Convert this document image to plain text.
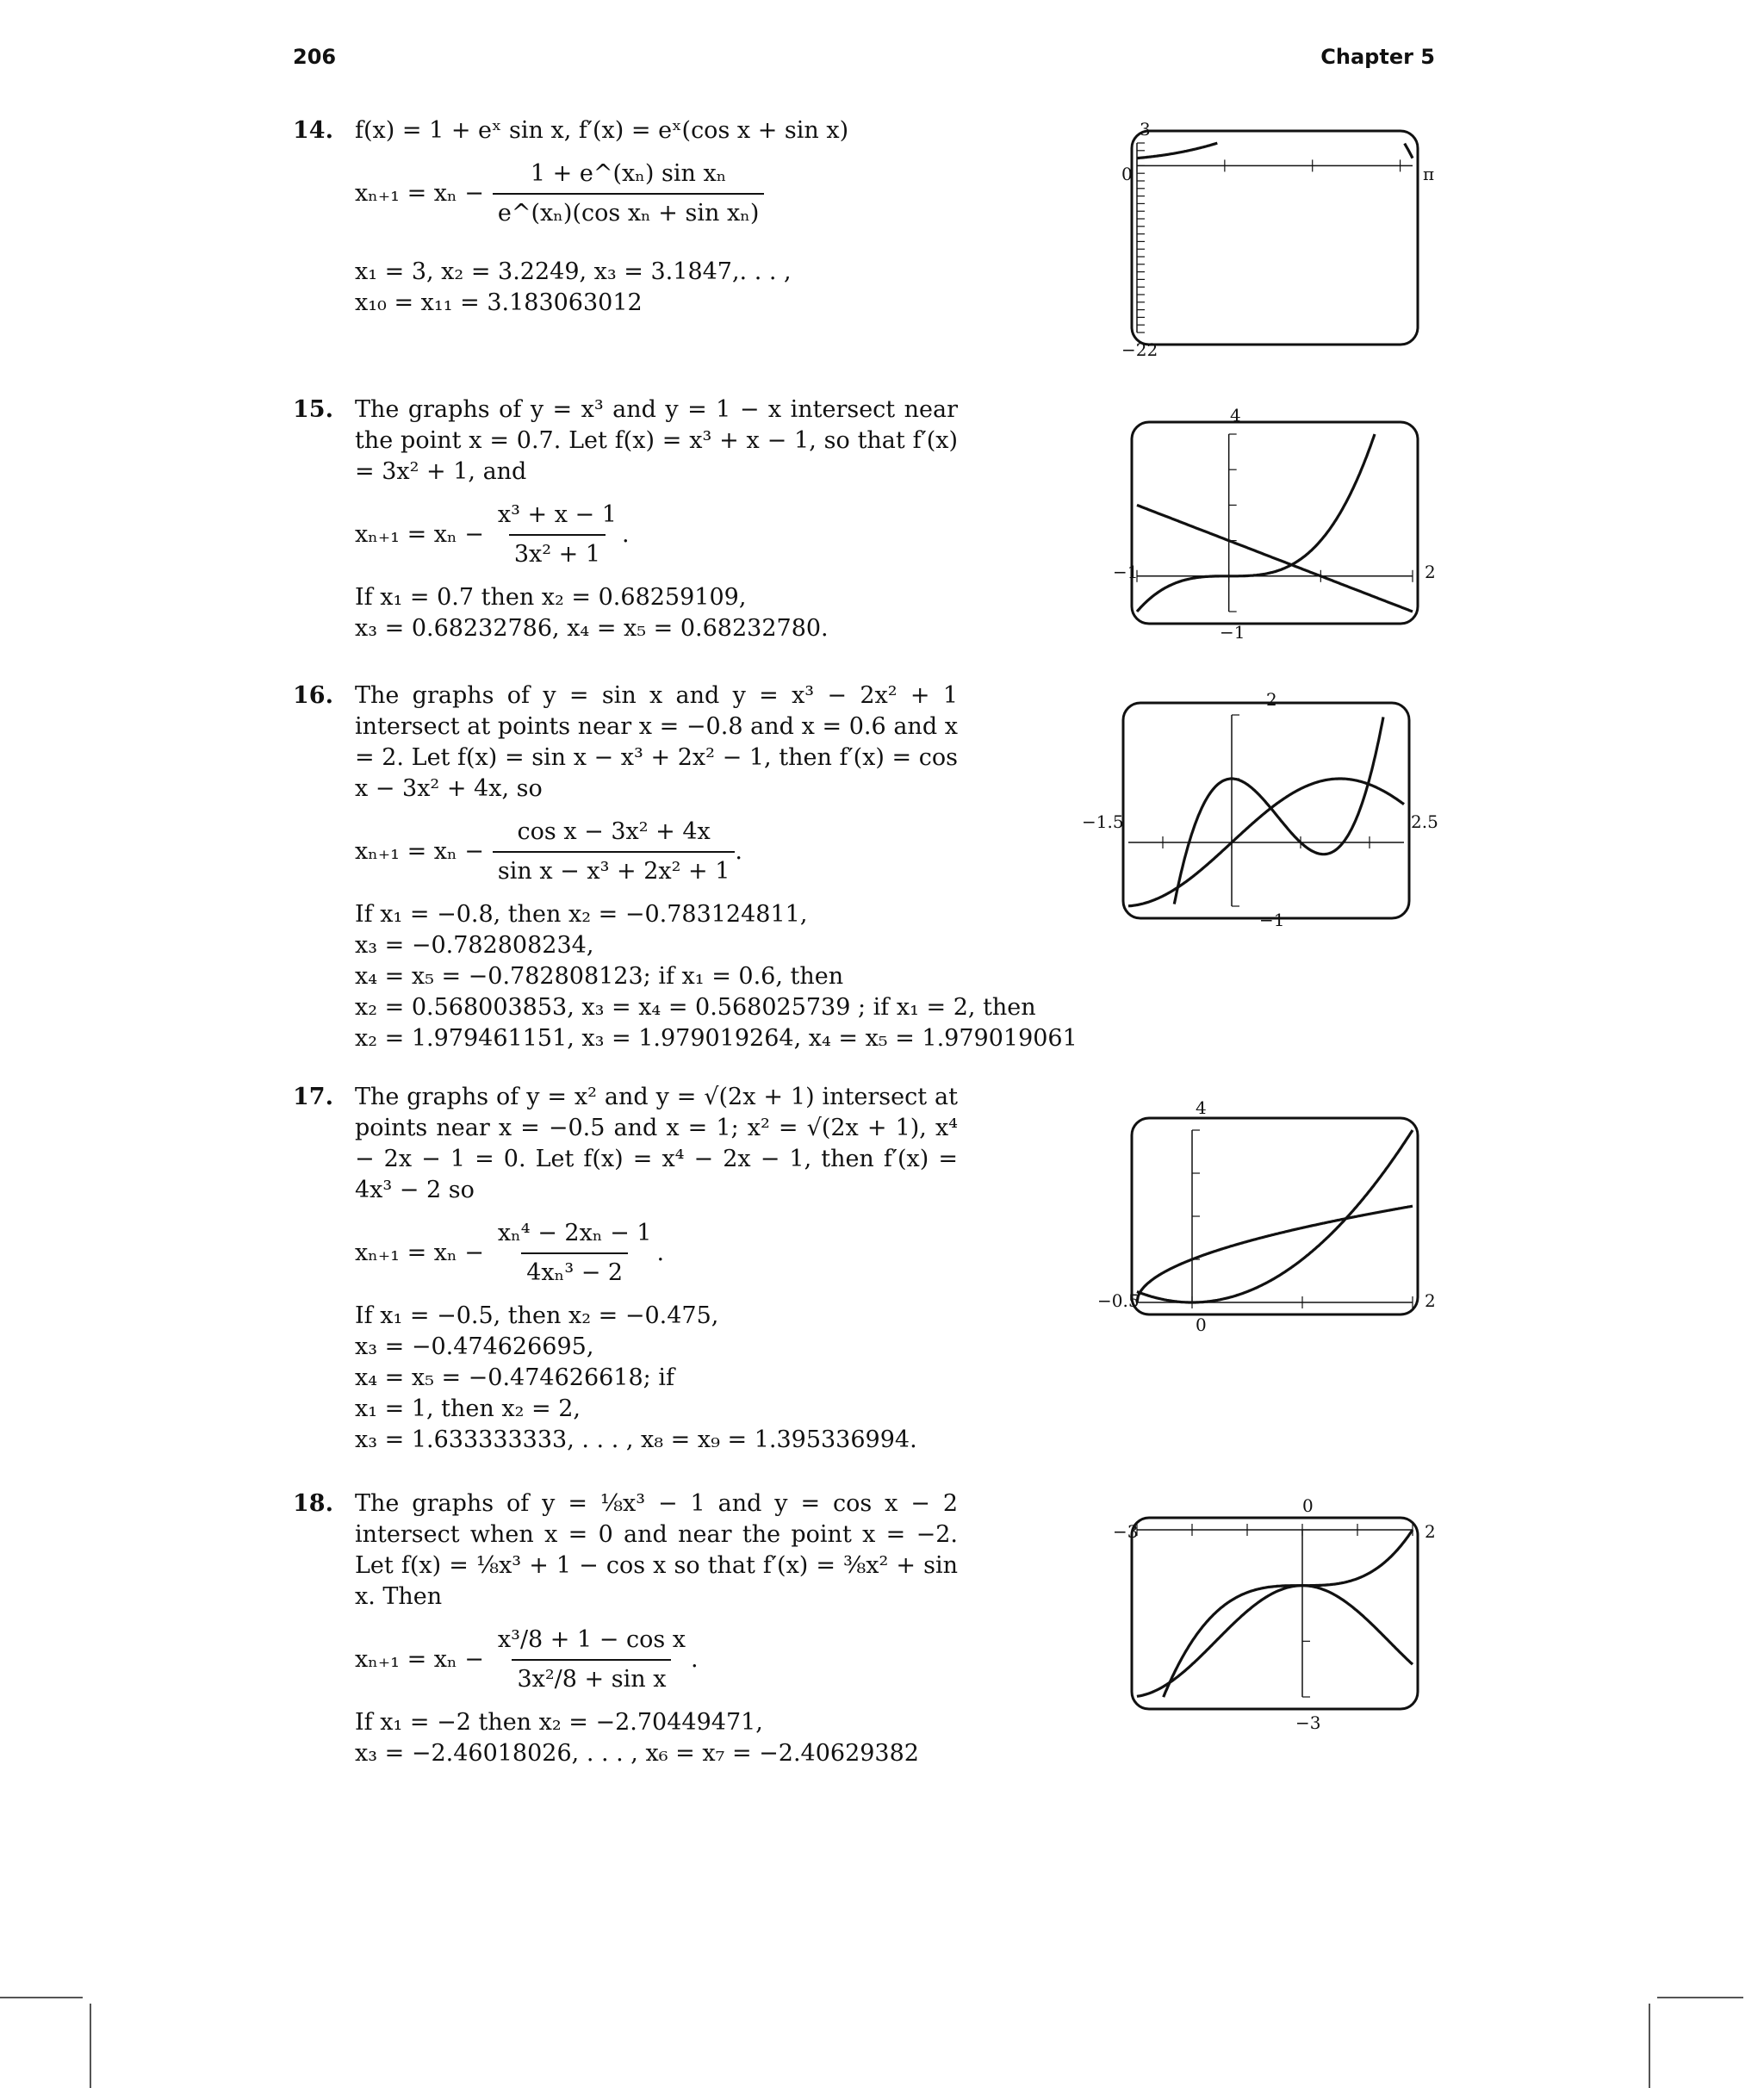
206	Chapter 5
14. f(x) = 1 + eˣ sin x, f′(x) = eˣ(cos x + sin x)
$x_{n+1} = x_n - \frac{\text{1 + e\textasciicircum{}(xₙ) sin xₙ}}{\text{e\textasciicircum{}(xₙ)(cos xₙ + sin xₙ)}}$
x₁ = 3, x₂ = 3.2249, x₃ = 3.1847,. . . ,
x₁₀ = x₁₁ = 3.183063012
15. The graphs of y = x³ and y = 1 − x intersect near the point x = 0.7. Let f(x) = x³ + x − 1, so that f′(x) = 3x² + 1, and
$x_{n+1} = x_n - \frac{\text{x³ + x − 1}}{\text{3x² + 1}}$ .
If x₁ = 0.7 then x₂ = 0.68259109,
x₃ = 0.68232786, x₄ = x₅ = 0.68232780.
16. The graphs of y = sin x and y = x³ − 2x² + 1 intersect at points near x = −0.8 and x = 0.6 and x = 2. Let f(x) = sin x − x³ + 2x² − 1, then f′(x) = cos x − 3x² + 4x, so
$x_{n+1} = x_n - \frac{\text{cos x − 3x² + 4x}}{\text{sin x − x³ + 2x² + 1}}$ .
If x₁ = −0.8, then x₂ = −0.783124811,
x₃ = −0.782808234,
x₄ = x₅ = −0.782808123; if x₁ = 0.6, then
x₂ = 0.568003853, x₃ = x₄ = 0.568025739 ; if x₁ = 2, then
x₂ = 1.979461151, x₃ = 1.979019264, x₄ = x₅ = 1.979019061
17. The graphs of y = x² and y = √(2x + 1) intersect at points near x = −0.5 and x = 1; x² = √(2x + 1), x⁴ − 2x − 1 = 0. Let f(x) = x⁴ − 2x − 1, then f′(x) = 4x³ − 2 so
$x_{n+1} = x_n - \frac{\text{xₙ⁴ − 2xₙ − 1}}{\text{4xₙ³ − 2}}$ .
If x₁ = −0.5, then x₂ = −0.475,
x₃ = −0.474626695,
x₄ = x₅ = −0.474626618; if
x₁ = 1, then x₂ = 2,
x₃ = 1.633333333, . . . , x₈ = x₉ = 1.395336994.
18. The graphs of y = ⅛x³ − 1 and y = cos x − 2 intersect when x = 0 and near the point x = −2. Let f(x) = ⅛x³ + 1 − cos x so that f′(x) = ⅜x² + sin x. Then
$x_{n+1} = x_n - \frac{\text{x³/8 + 1 − cos x}}{\text{3x²/8 + sin x}}$ .
If x₁ = −2 then x₂ = −2.70449471,
x₃ = −2.46018026, . . . , x₆ = x₇ = −2.40629382
3
−22
0	π
4
−1
−1	2
2
−1
−1.5	2.5
4
0
−0.5	2
0
−3
−3	2
